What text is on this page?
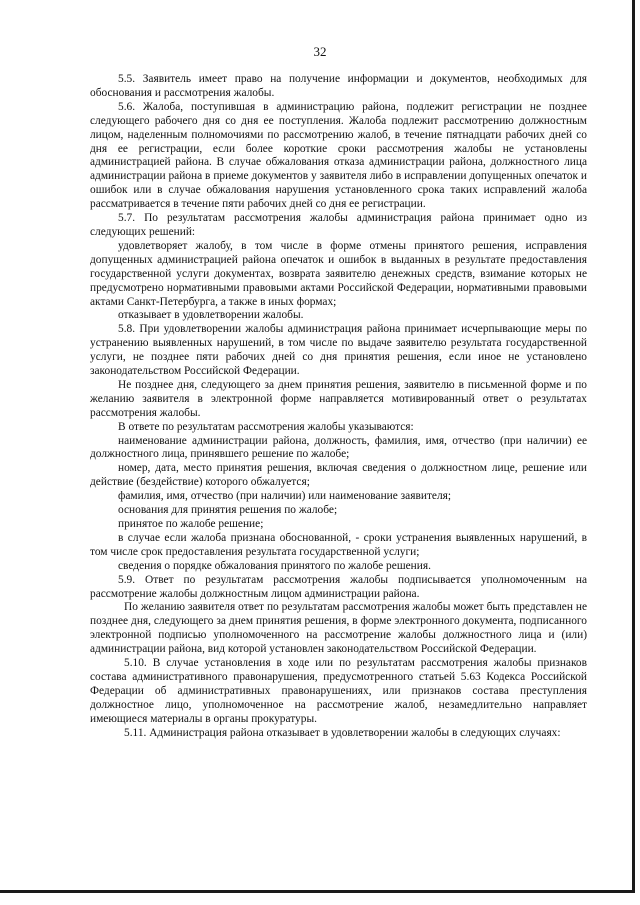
32

5.5. Заявитель имеет право на получение информации и документов, необходимых для обоснования и рассмотрения жалобы.

5.6. Жалоба, поступившая в администрацию района, подлежит регистрации не позднее следующего рабочего дня со дня ее поступления. Жалоба подлежит рассмотрению должностным лицом, наделенным полномочиями по рассмотрению жалоб, в течение пятнадцати рабочих дней со дня ее регистрации, если более короткие сроки рассмотрения жалобы не установлены администрацией района. В случае обжалования отказа администрации района, должностного лица администрации района в приеме документов у заявителя либо в исправлении допущенных опечаток и ошибок или в случае обжалования нарушения установленного срока таких исправлений жалоба рассматривается в течение пяти рабочих дней со дня ее регистрации.

5.7. По результатам рассмотрения жалобы администрация района принимает одно из следующих решений:

удовлетворяет жалобу, в том числе в форме отмены принятого решения, исправления допущенных администрацией района опечаток и ошибок в выданных в результате предоставления государственной услуги документах, возврата заявителю денежных средств, взимание которых не предусмотрено нормативными правовыми актами Российской Федерации, нормативными правовыми актами Санкт-Петербурга, а также в иных формах;

отказывает в удовлетворении жалобы.

5.8. При удовлетворении жалобы администрация района принимает исчерпывающие меры по устранению выявленных нарушений, в том числе по выдаче заявителю результата государственной услуги, не позднее пяти рабочих дней со дня принятия решения, если иное не установлено законодательством Российской Федерации.

Не позднее дня, следующего за днем принятия решения, заявителю в письменной форме и по желанию заявителя в электронной форме направляется мотивированный ответ о результатах рассмотрения жалобы.

В ответе по результатам рассмотрения жалобы указываются:

наименование администрации района, должность, фамилия, имя, отчество (при наличии) ее должностного лица, принявшего решение по жалобе;

номер, дата, место принятия решения, включая сведения о должностном лице, решение или действие (бездействие) которого обжалуется;

фамилия, имя, отчество (при наличии) или наименование заявителя;

основания для принятия решения по жалобе;

принятое по жалобе решение;

в случае если жалоба признана обоснованной, - сроки устранения выявленных нарушений, в том числе срок предоставления результата государственной услуги;

сведения о порядке обжалования принятого по жалобе решения.

5.9. Ответ по результатам рассмотрения жалобы подписывается уполномоченным на рассмотрение жалобы должностным лицом администрации района.

По желанию заявителя ответ по результатам рассмотрения жалобы может быть представлен не позднее дня, следующего за днем принятия решения, в форме электронного документа, подписанного электронной подписью уполномоченного на рассмотрение жалобы должностного лица и (или) администрации района, вид которой установлен законодательством Российской Федерации.

5.10. В случае установления в ходе или по результатам рассмотрения жалобы признаков состава административного правонарушения, предусмотренного статьей 5.63 Кодекса Российской Федерации об административных правонарушениях, или признаков состава преступления должностное лицо, уполномоченное на рассмотрение жалоб, незамедлительно направляет имеющиеся материалы в органы прокуратуры.

5.11. Администрация района отказывает в удовлетворении жалобы в следующих случаях:
